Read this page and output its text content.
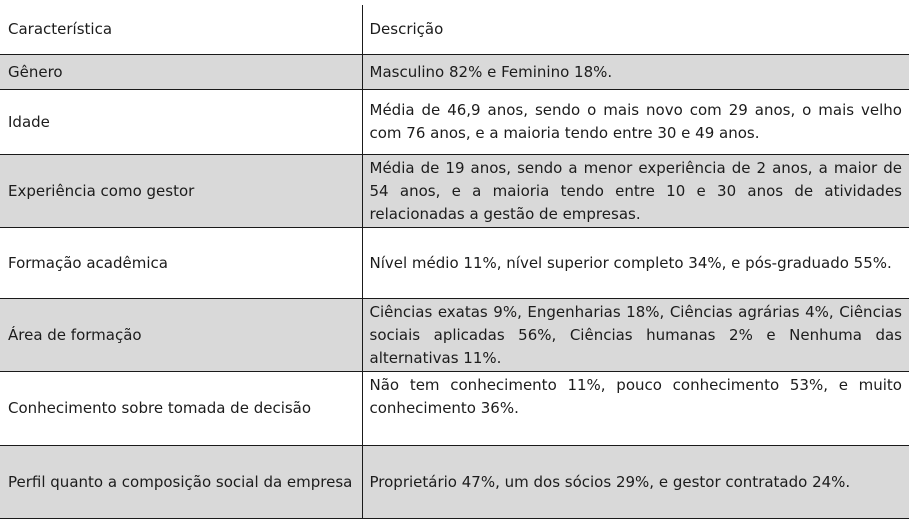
Característica	Descrição
Gênero	Masculino 82% e Feminino 18%.
Idade	Média de 46,9 anos, sendo o mais novo com 29 anos, o mais velho com 76 anos, e a maioria tendo entre 30 e 49 anos.
Experiência como gestor	Média de 19 anos, sendo a menor experiência de 2 anos, a maior de 54 anos, e a maioria tendo entre 10 e 30 anos de atividades relacionadas a gestão de empresas.
Formação acadêmica	Nível médio 11%, nível superior completo 34%, e pós-graduado 55%.
Área de formação	Ciências exatas 9%, Engenharias 18%, Ciências agrárias 4%, Ciências sociais aplicadas 56%, Ciências humanas 2% e Nenhuma das alternativas 11%.
Conhecimento sobre tomada de decisão	Não tem conhecimento 11%, pouco conhecimento 53%, e muito conhecimento 36%.
Perfil quanto a composição social da empresa	Proprietário 47%, um dos sócios 29%, e gestor contratado 24%.
